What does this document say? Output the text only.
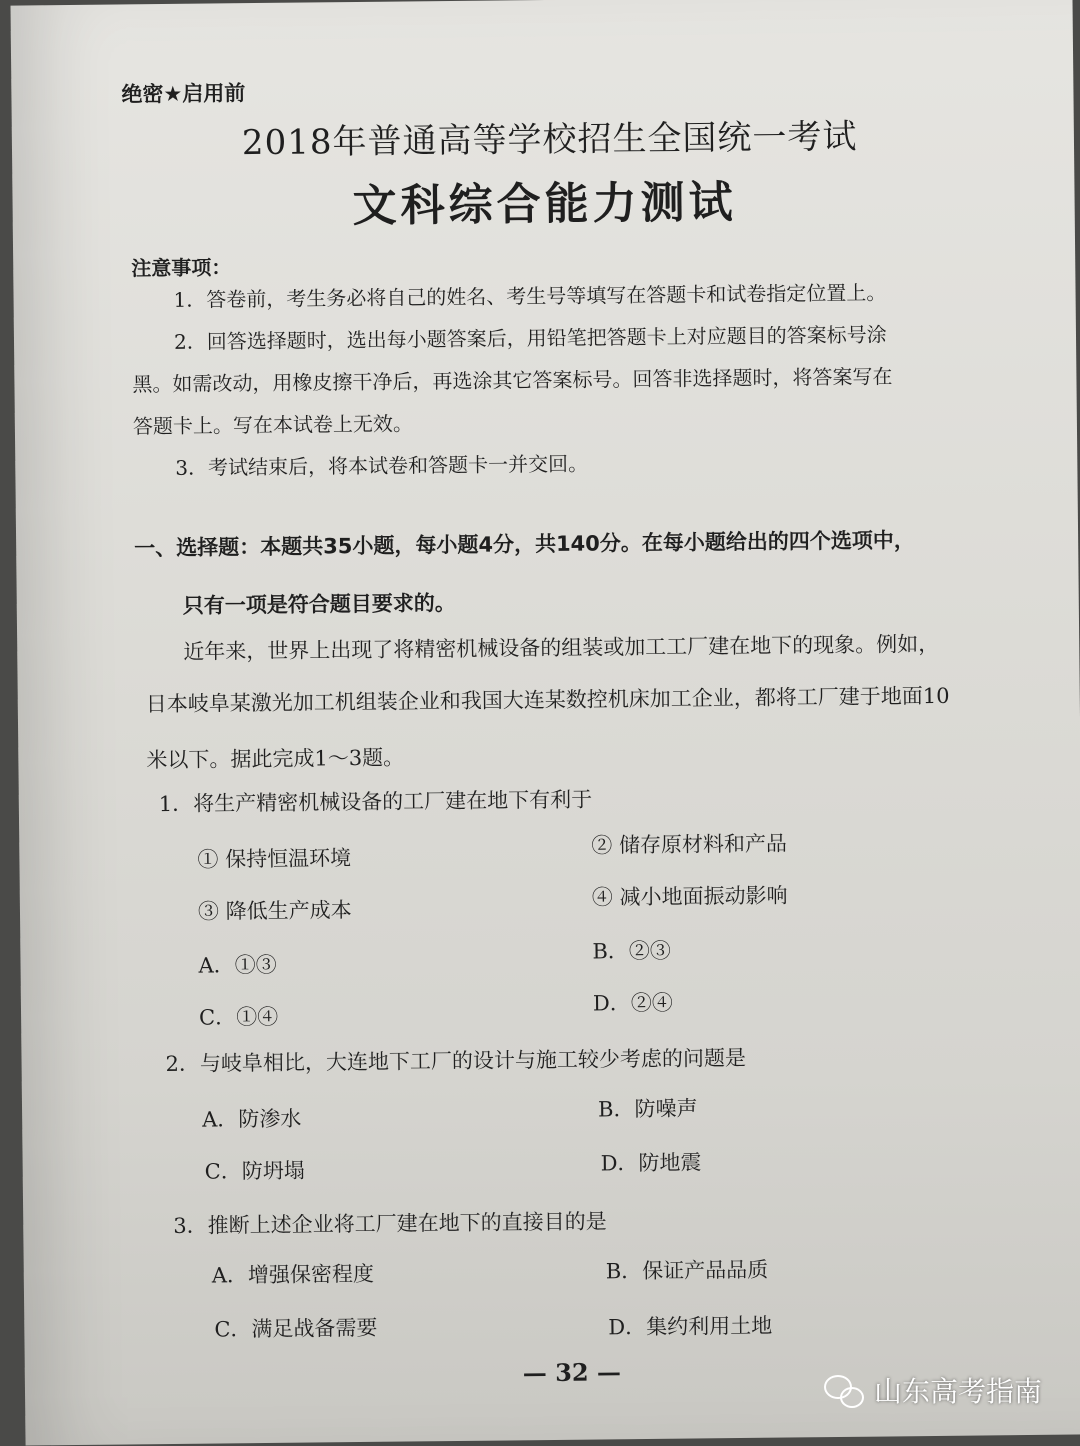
绝密★启用前
2018年普通高等学校招生全国统一考试
文科综合能力测试
注意事项：
1．答卷前，考生务必将自己的姓名、考生号等填写在答题卡和试卷指定位置上。
2．回答选择题时，选出每小题答案后，用铅笔把答题卡上对应题目的答案标号涂
黑。如需改动，用橡皮擦干净后，再选涂其它答案标号。回答非选择题时，将答案写在
答题卡上。写在本试卷上无效。
3．考试结束后，将本试卷和答题卡一并交回。
一、选择题：本题共35小题，每小题4分，共140分。在每小题给出的四个选项中，
只有一项是符合题目要求的。
近年来，世界上出现了将精密机械设备的组装或加工工厂建在地下的现象。例如，
日本岐阜某激光加工机组装企业和我国大连某数控机床加工企业，都将工厂建于地面10
米以下。据此完成1～3题。
1．将生产精密机械设备的工厂建在地下有利于
① 保持恒温环境
② 储存原材料和产品
③ 降低生产成本
④ 减小地面振动影响
A．①③
B．②③
C．①④
D．②④
2．与岐阜相比，大连地下工厂的设计与施工较少考虑的问题是
A．防渗水	B．防噪声
C．防坍塌	D．防地震
3．推断上述企业将工厂建在地下的直接目的是
A．增强保密程度	B．保证产品品质
C．满足战备需要	D．集约利用土地
— 32 —
山东高考指南
